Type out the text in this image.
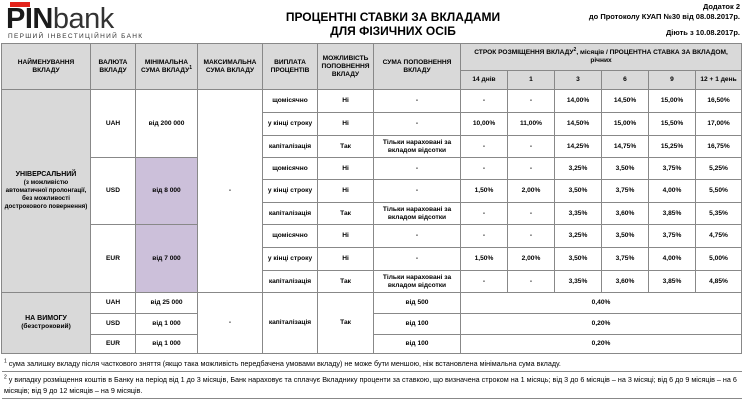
PINbank
ПЕРШИЙ ІНВЕСТИЦІЙНИЙ БАНК
ПРОЦЕНТНІ СТАВКИ ЗА ВКЛАДАМИ
ДЛЯ ФІЗИЧНИХ ОСІБ
Додаток 2
до Протоколу КУАП №30 від 08.08.2017р.
Діють з 10.08.2017р.
НАЙМЕНУВАННЯ ВКЛАДУ	ВАЛЮТА ВКЛАДУ	МІНІМАЛЬНА СУМА ВКЛАДУ$^1$	МАКСИМАЛЬНА СУМА ВКЛАДУ	ВИПЛАТА ПРОЦЕНТІВ	МОЖЛИВІСТЬ ПОПОВНЕННЯ ВКЛАДУ	СУМА ПОПОВНЕННЯ ВКЛАДУ	СТРОК РОЗМІЩЕННЯ ВКЛАДУ$^2$, місяців / ПРОЦЕНТНА СТАВКА ЗА ВКЛАДОМ, річних					
							14 днів	1	3	6	9	12 + 1 день

УНІВЕРСАЛЬНИЙ
(з можливістю автоматичної пролонгації, без можливості дострокового повернення)	UAH	від 200 000	-	щомісячно	Ні	-	-	-	14,00%	14,50%	15,00%	16,50%
				у кінці строку	Ні	-	10,00%	11,00%	14,50%	15,00%	15,50%	17,00%
				капіталізація	Так	Тільки нараховані за вкладом відсотки	-	-	14,25%	14,75%	15,25%	16,75%
	USD	від 8 000		щомісячно	Ні	-	-	-	3,25%	3,50%	3,75%	5,25%
				у кінці строку	Ні	-	1,50%	2,00%	3,50%	3,75%	4,00%	5,50%
				капіталізація	Так	Тільки нараховані за вкладом відсотки	-	-	3,35%	3,60%	3,85%	5,35%
	EUR	від 7 000		щомісячно	Ні	-	-	-	3,25%	3,50%	3,75%	4,75%
				у кінці строку	Ні	-	1,50%	2,00%	3,50%	3,75%	4,00%	5,00%
				капіталізація	Так	Тільки нараховані за вкладом відсотки	-	-	3,35%	3,60%	3,85%	4,85%

НА ВИМОГУ
(безстроковий)	UAH	від 25 000	-	капіталізація	Так	від 500	0,40%					
	USD	від 1 000				від 100	0,20%					
	EUR	від 1 000				від 100	0,20%					
$^1$ сума залишку вкладу після часткового зняття (якщо така можливість передбачена умовами вкладу) не може бути меншою, ніж встановлена мінімальна сума вкладу.
$^2$ у випадку розміщення коштів в Банку на період від 1 до 3 місяців, Банк нараховує та сплачує Вкладнику проценти за ставкою, що визначена строком на 1 місяць; від 3 до 6 місяців – на 3 місяці; від 6 до 9 місяців – на 6 місяців; від 9 до 12 місяців – на 9 місяців.
